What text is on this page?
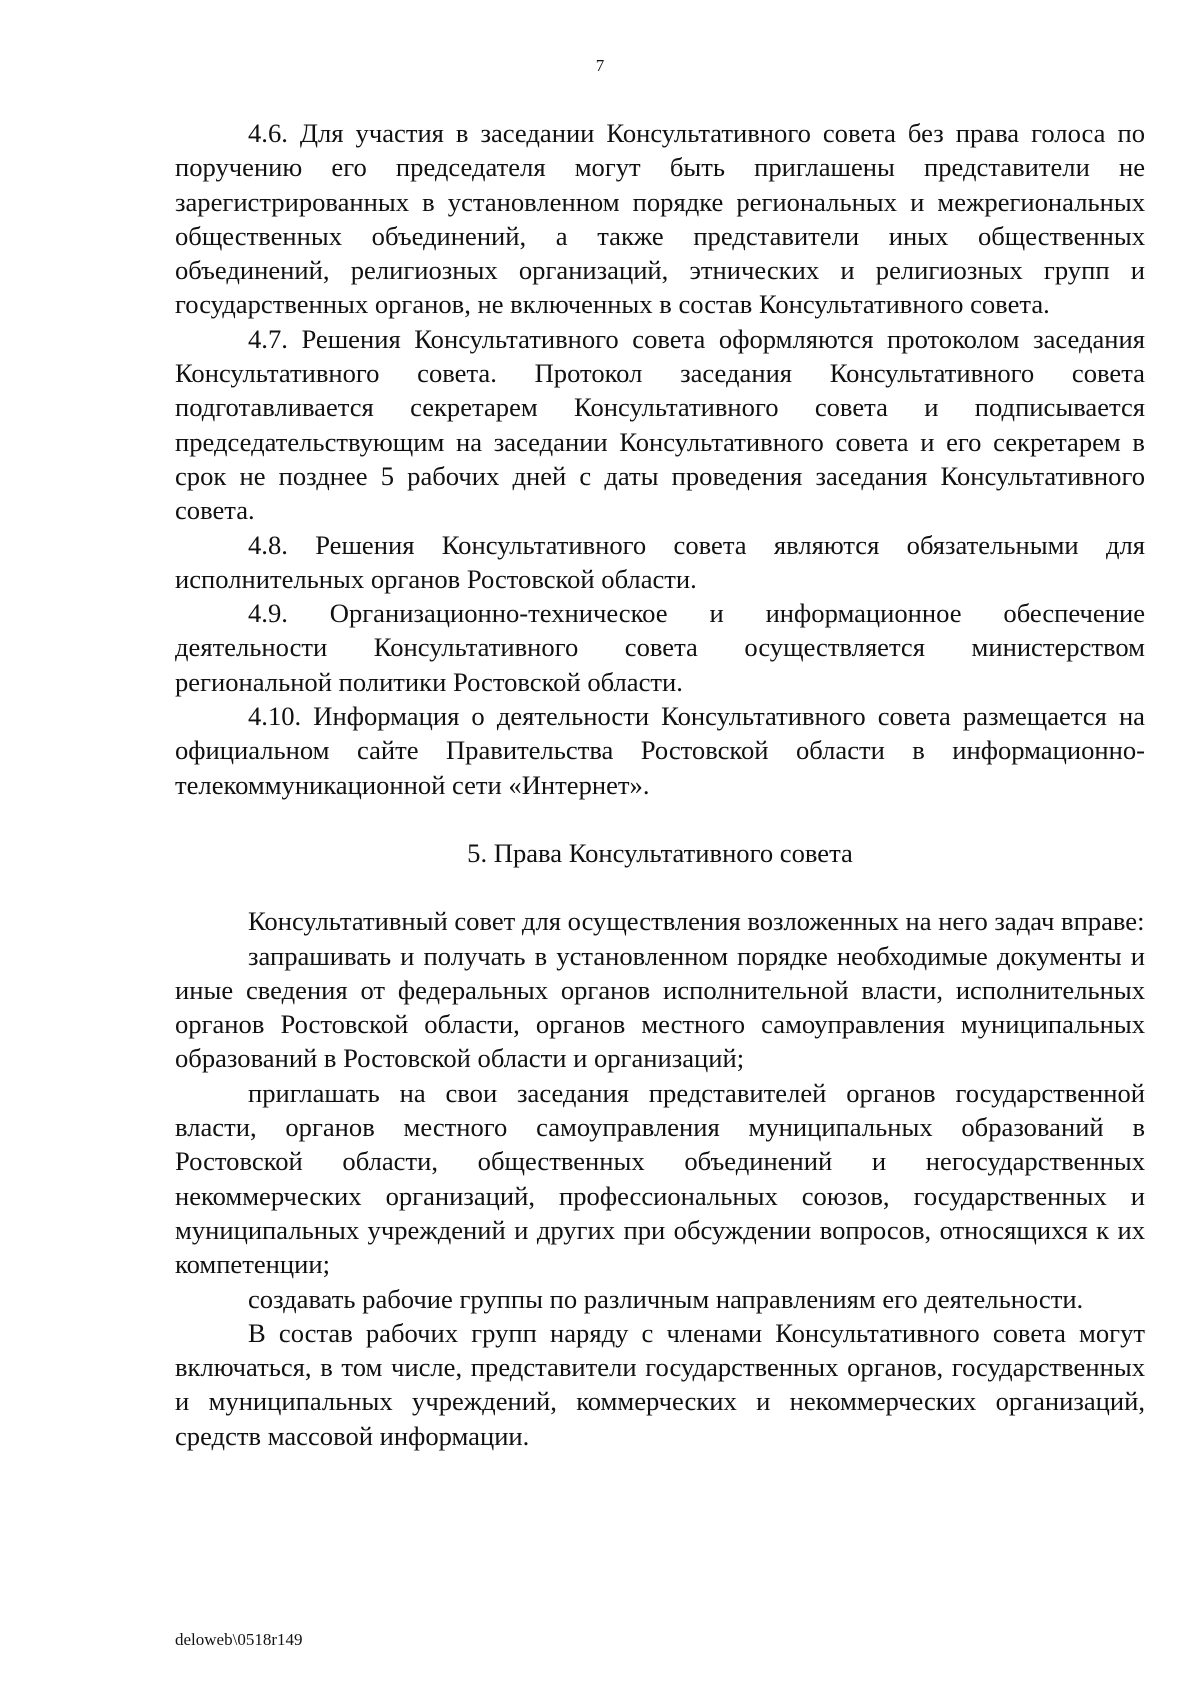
7

4.6. Для участия в заседании Консультативного совета без права голоса по поручению его председателя могут быть приглашены представители не зарегистрированных в установленном порядке региональных и межрегиональных общественных объединений, а также представители иных общественных объединений, религиозных организаций, этнических и религиозных групп и государственных органов, не включенных в состав Консультативного совета.

4.7. Решения Консультативного совета оформляются протоколом заседания Консультативного совета. Протокол заседания Консультативного совета подготавливается секретарем Консультативного совета и подписывается председательствующим на заседании Консультативного совета и его секретарем в срок не позднее 5 рабочих дней с даты проведения заседания Консультативного совета.

4.8. Решения Консультативного совета являются обязательными для исполнительных органов Ростовской области.

4.9. Организационно-техническое и информационное обеспечение деятельности Консультативного совета осуществляется министерством региональной политики Ростовской области.

4.10. Информация о деятельности Консультативного совета размещается на официальном сайте Правительства Ростовской области в информационно-телекоммуникационной сети «Интернет».

5. Права Консультативного совета

Консультативный совет для осуществления возложенных на него задач вправе:

запрашивать и получать в установленном порядке необходимые документы и иные сведения от федеральных органов исполнительной власти, исполнительных органов Ростовской области, органов местного самоуправления муниципальных образований в Ростовской области и организаций;

приглашать на свои заседания представителей органов государственной власти, органов местного самоуправления муниципальных образований в Ростовской области, общественных объединений и негосударственных некоммерческих организаций, профессиональных союзов, государственных и муниципальных учреждений и других при обсуждении вопросов, относящихся к их компетенции;

создавать рабочие группы по различным направлениям его деятельности.

В состав рабочих групп наряду с членами Консультативного совета могут включаться, в том числе, представители государственных органов, государственных и муниципальных учреждений, коммерческих и некоммерческих организаций, средств массовой информации.

deloweb\0518r149
